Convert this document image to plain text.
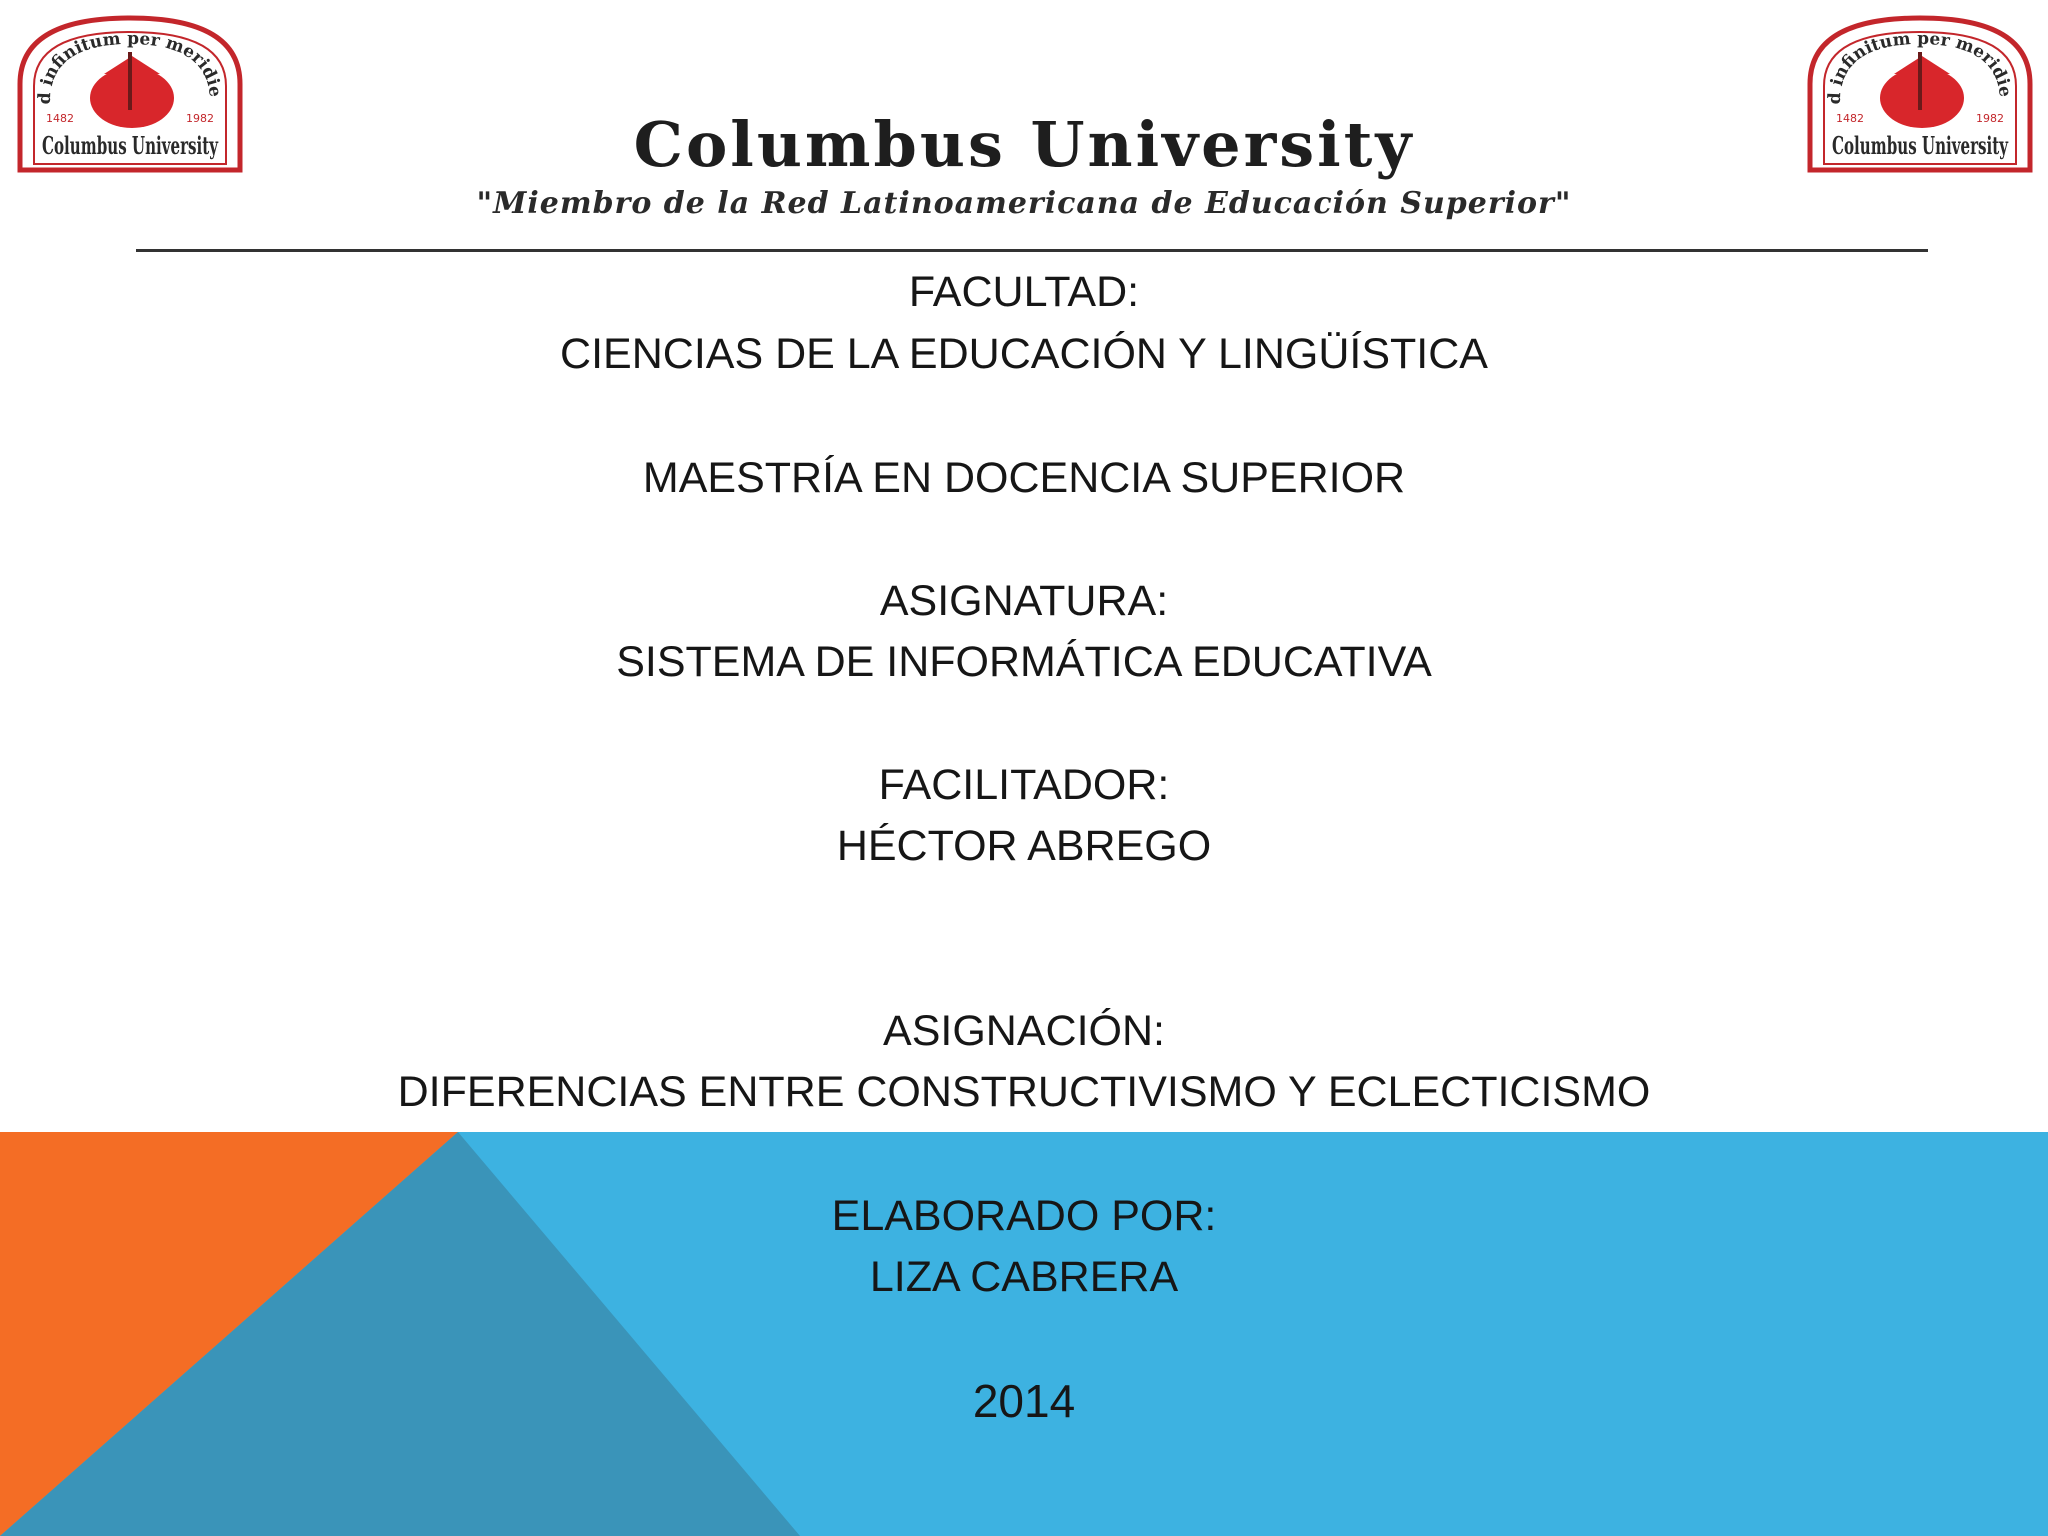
d infinitum per meridie
1482	1982
Columbus University
d infinitum per meridie
1482	1982
Columbus University
Columbus University
"Miembro de la Red Latinoamericana de Educación Superior"
FACULTAD:
CIENCIAS DE LA EDUCACIÓN Y LINGÜÍSTICA
MAESTRÍA EN DOCENCIA SUPERIOR
ASIGNATURA:
SISTEMA DE INFORMÁTICA EDUCATIVA
FACILITADOR:
HÉCTOR ABREGO
ASIGNACIÓN:
DIFERENCIAS ENTRE CONSTRUCTIVISMO Y ECLECTICISMO
ELABORADO POR:
LIZA CABRERA
2014
